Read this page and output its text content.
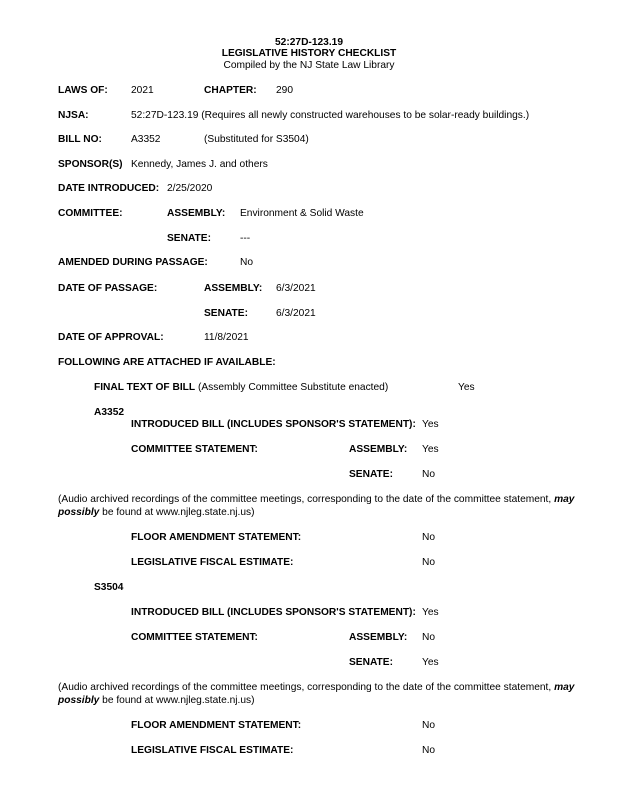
52:27D-123.19
LEGISLATIVE HISTORY CHECKLIST
Compiled by the NJ State Law Library
LAWS OF: 2021	CHAPTER: 290
NJSA:	52:27D-123.19 (Requires all newly constructed warehouses to be solar-ready buildings.)
BILL NO:	A3352	(Substituted for S3504)
SPONSOR(S) Kennedy, James J. and others
DATE INTRODUCED: 2/25/2020
COMMITTEE:	ASSEMBLY: Environment & Solid Waste
SENATE:	---
AMENDED DURING PASSAGE:	No
DATE OF PASSAGE:	ASSEMBLY: 6/3/2021
SENATE:	6/3/2021
DATE OF APPROVAL:	11/8/2021
FOLLOWING ARE ATTACHED IF AVAILABLE:
FINAL TEXT OF BILL (Assembly Committee Substitute enacted)	Yes
A3352
INTRODUCED BILL (INCLUDES SPONSOR'S STATEMENT): Yes
COMMITTEE STATEMENT:	ASSEMBLY: Yes
SENATE:	No
(Audio archived recordings of the committee meetings, corresponding to the date of the committee statement, may possibly be found at www.njleg.state.nj.us)
FLOOR AMENDMENT STATEMENT:	No
LEGISLATIVE FISCAL ESTIMATE:	No
S3504
INTRODUCED BILL (INCLUDES SPONSOR'S STATEMENT): Yes
COMMITTEE STATEMENT:	ASSEMBLY: No
SENATE:	Yes
(Audio archived recordings of the committee meetings, corresponding to the date of the committee statement, may possibly be found at www.njleg.state.nj.us)
FLOOR AMENDMENT STATEMENT:	No
LEGISLATIVE FISCAL ESTIMATE:	No
